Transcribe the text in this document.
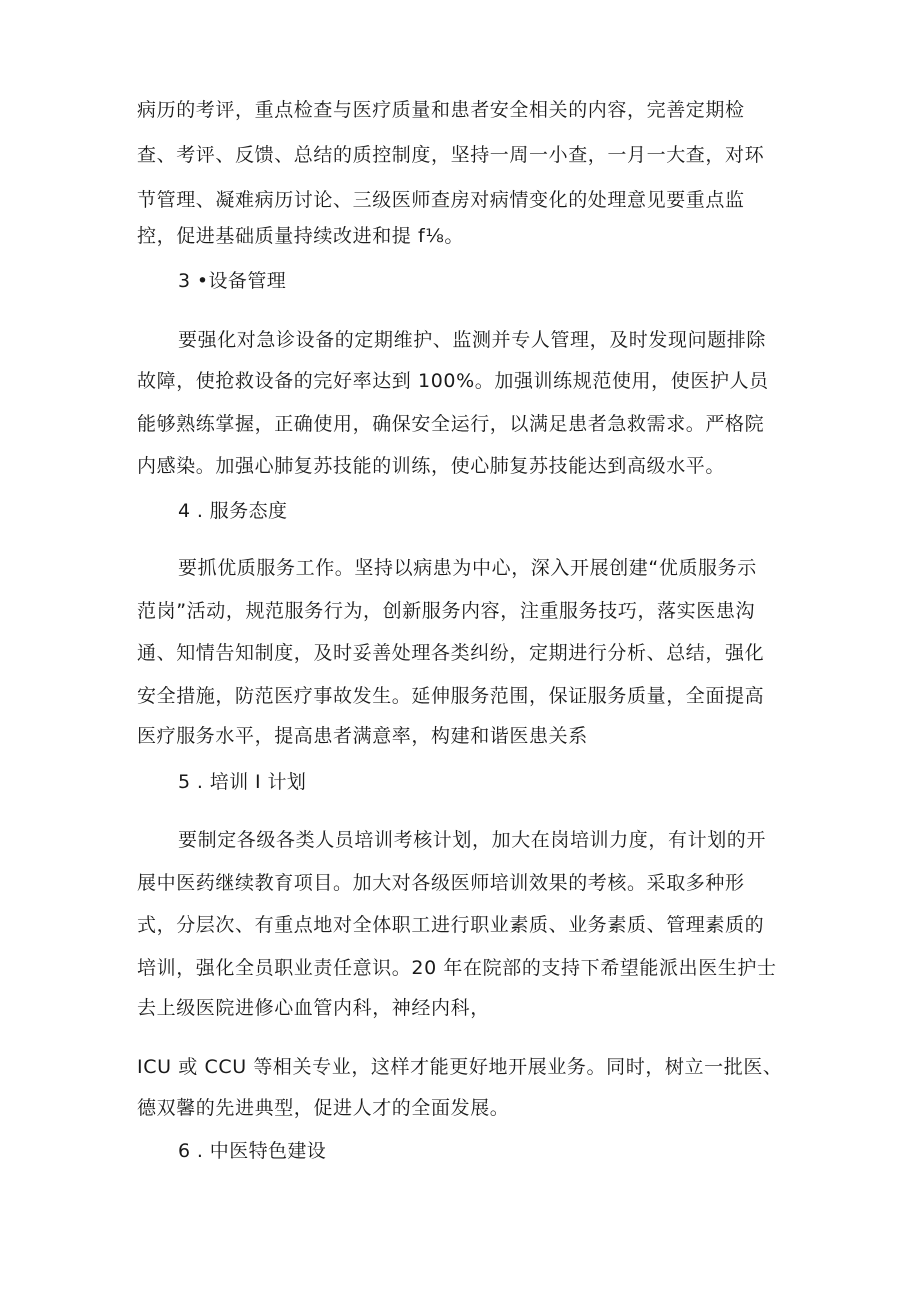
病历的考评，重点检查与医疗质量和患者安全相关的内容，完善定期检
查、考评、反馈、总结的质控制度，坚持一周一小查，一月一大查，对环
节管理、凝难病历讨论、三级医师查房对病情变化的处理意见要重点监
控，促进基础质量持续改进和提 f⅛。
3 •设备管理
要强化对急诊设备的定期维护、监测并专人管理，及时发现问题排除
故障，使抢救设备的完好率达到 100%。加强训练规范使用，使医护人员
能够熟练掌握，正确使用，确保安全运行，以满足患者急救需求。严格院
内感染。加强心肺复苏技能的训练，使心肺复苏技能达到高级水平。
4 . 服务态度
要抓优质服务工作。坚持以病患为中心，深入开展创建“优质服务示
范岗”活动，规范服务行为，创新服务内容，注重服务技巧，落实医患沟
通、知情告知制度，及时妥善处理各类纠纷，定期进行分析、总结，强化
安全措施，防范医疗事故发生。延伸服务范围，保证服务质量，全面提高
医疗服务水平，提高患者满意率，构建和谐医患关系
5 . 培训 I 计划
要制定各级各类人员培训考核计划，加大在岗培训力度，有计划的开
展中医药继续教育项目。加大对各级医师培训效果的考核。采取多种形
式，分层次、有重点地对全体职工进行职业素质、业务素质、管理素质的
培训，强化全员职业责任意识。20 年在院部的支持下希望能派出医生护士
去上级医院进修心血管内科，神经内科，
ICU 或 CCU 等相关专业，这样才能更好地开展业务。同时，树立一批医、
德双馨的先进典型，促进人才的全面发展。
6 . 中医特色建设
